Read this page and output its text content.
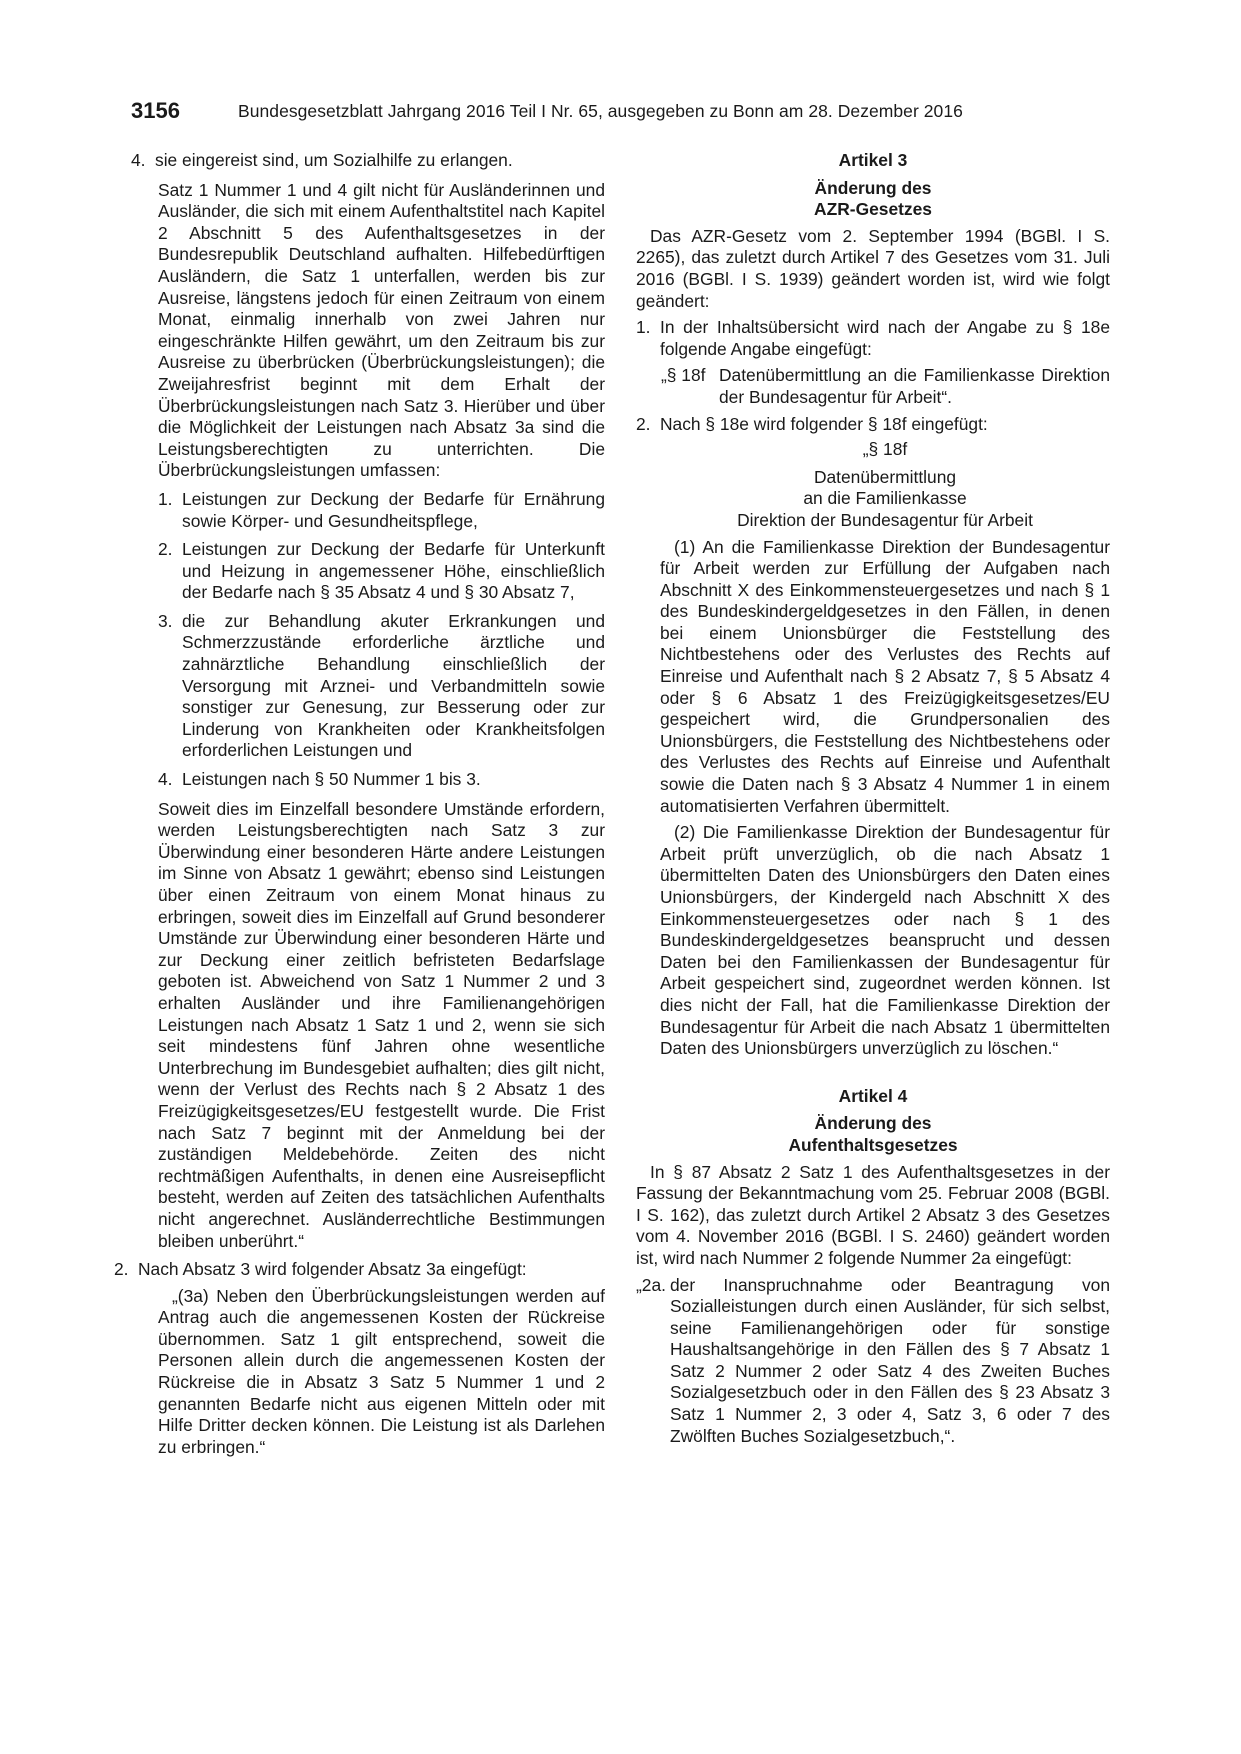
3156	Bundesgesetzblatt Jahrgang 2016 Teil I Nr. 65, ausgegeben zu Bonn am 28. Dezember 2016
4. sie eingereist sind, um Sozialhilfe zu erlangen.

Satz 1 Nummer 1 und 4 gilt nicht für Ausländerinnen und Ausländer, die sich mit einem Aufenthaltstitel nach Kapitel 2 Abschnitt 5 des Aufenthaltsgesetzes in der Bundesrepublik Deutschland aufhalten. Hilfebedürftigen Ausländern, die Satz 1 unterfallen, werden bis zur Ausreise, längstens jedoch für einen Zeitraum von einem Monat, einmalig innerhalb von zwei Jahren nur eingeschränkte Hilfen gewährt, um den Zeitraum bis zur Ausreise zu überbrücken (Überbrückungsleistungen); die Zweijahresfrist beginnt mit dem Erhalt der Überbrückungsleistungen nach Satz 3. Hierüber und über die Möglichkeit der Leistungen nach Absatz 3a sind die Leistungsberechtigten zu unterrichten. Die Überbrückungsleistungen umfassen:

1. Leistungen zur Deckung der Bedarfe für Ernährung sowie Körper- und Gesundheitspflege,
2. Leistungen zur Deckung der Bedarfe für Unterkunft und Heizung in angemessener Höhe, einschließlich der Bedarfe nach § 35 Absatz 4 und § 30 Absatz 7,
3. die zur Behandlung akuter Erkrankungen und Schmerzzustände erforderliche ärztliche und zahnärztliche Behandlung einschließlich der Versorgung mit Arznei- und Verbandmitteln sowie sonstiger zur Genesung, zur Besserung oder zur Linderung von Krankheiten oder Krankheitsfolgen erforderlichen Leistungen und
4. Leistungen nach § 50 Nummer 1 bis 3.

Soweit dies im Einzelfall besondere Umstände erfordern, werden Leistungsberechtigten nach Satz 3 zur Überwindung einer besonderen Härte andere Leistungen im Sinne von Absatz 1 gewährt; ebenso sind Leistungen über einen Zeitraum von einem Monat hinaus zu erbringen, soweit dies im Einzelfall auf Grund besonderer Umstände zur Überwindung einer besonderen Härte und zur Deckung einer zeitlich befristeten Bedarfslage geboten ist. Abweichend von Satz 1 Nummer 2 und 3 erhalten Ausländer und ihre Familienangehörigen Leistungen nach Absatz 1 Satz 1 und 2, wenn sie sich seit mindestens fünf Jahren ohne wesentliche Unterbrechung im Bundesgebiet aufhalten; dies gilt nicht, wenn der Verlust des Rechts nach § 2 Absatz 1 des Freizügigkeitsgesetzes/EU festgestellt wurde. Die Frist nach Satz 7 beginnt mit der Anmeldung bei der zuständigen Meldebehörde. Zeiten des nicht rechtmäßigen Aufenthalts, in denen eine Ausreisepflicht besteht, werden auf Zeiten des tatsächlichen Aufenthalts nicht angerechnet. Ausländerrechtliche Bestimmungen bleiben unberührt.“

2. Nach Absatz 3 wird folgender Absatz 3a eingefügt:

„(3a) Neben den Überbrückungsleistungen werden auf Antrag auch die angemessenen Kosten der Rückreise übernommen. Satz 1 gilt entsprechend, soweit die Personen allein durch die angemessenen Kosten der Rückreise die in Absatz 3 Satz 5 Nummer 1 und 2 genannten Bedarfe nicht aus eigenen Mitteln oder mit Hilfe Dritter decken können. Die Leistung ist als Darlehen zu erbringen.“

Artikel 3

Änderung des

AZR-Gesetzes

Das AZR-Gesetz vom 2. September 1994 (BGBl. I S. 2265), das zuletzt durch Artikel 7 des Gesetzes vom 31. Juli 2016 (BGBl. I S. 1939) geändert worden ist, wird wie folgt geändert:

1. In der Inhaltsübersicht wird nach der Angabe zu § 18e folgende Angabe eingefügt:
„§ 18f Datenübermittlung an die Familienkasse Direktion der Bundesagentur für Arbeit“.
2. Nach § 18e wird folgender § 18f eingefügt:

„§ 18f

Datenübermittlung

an die Familienkasse

Direktion der Bundesagentur für Arbeit

(1) An die Familienkasse Direktion der Bundesagentur für Arbeit werden zur Erfüllung der Aufgaben nach Abschnitt X des Einkommensteuergesetzes und nach § 1 des Bundeskindergeldgesetzes in den Fällen, in denen bei einem Unionsbürger die Feststellung des Nichtbestehens oder des Verlustes des Rechts auf Einreise und Aufenthalt nach § 2 Absatz 7, § 5 Absatz 4 oder § 6 Absatz 1 des Freizügigkeitsgesetzes/EU gespeichert wird, die Grundpersonalien des Unionsbürgers, die Feststellung des Nichtbestehens oder des Verlustes des Rechts auf Einreise und Aufenthalt sowie die Daten nach § 3 Absatz 4 Nummer 1 in einem automatisierten Verfahren übermittelt.

(2) Die Familienkasse Direktion der Bundesagentur für Arbeit prüft unverzüglich, ob die nach Absatz 1 übermittelten Daten des Unionsbürgers den Daten eines Unionsbürgers, der Kindergeld nach Abschnitt X des Einkommensteuergesetzes oder nach § 1 des Bundeskindergeldgesetzes beansprucht und dessen Daten bei den Familienkassen der Bundesagentur für Arbeit gespeichert sind, zugeordnet werden können. Ist dies nicht der Fall, hat die Familienkasse Direktion der Bundesagentur für Arbeit die nach Absatz 1 übermittelten Daten des Unionsbürgers unverzüglich zu löschen.“

Artikel 4

Änderung des

Aufenthaltsgesetzes

In § 87 Absatz 2 Satz 1 des Aufenthaltsgesetzes in der Fassung der Bekanntmachung vom 25. Februar 2008 (BGBl. I S. 162), das zuletzt durch Artikel 2 Absatz 3 des Gesetzes vom 4. November 2016 (BGBl. I S. 2460) geändert worden ist, wird nach Nummer 2 folgende Nummer 2a eingefügt:

„2a. der Inanspruchnahme oder Beantragung von Sozialleistungen durch einen Ausländer, für sich selbst, seine Familienangehörigen oder für sonstige Haushaltsangehörige in den Fällen des § 7 Absatz 1 Satz 2 Nummer 2 oder Satz 4 des Zweiten Buches Sozialgesetzbuch oder in den Fällen des § 23 Absatz 3 Satz 1 Nummer 2, 3 oder 4, Satz 3, 6 oder 7 des Zwölften Buches Sozialgesetzbuch,“.
